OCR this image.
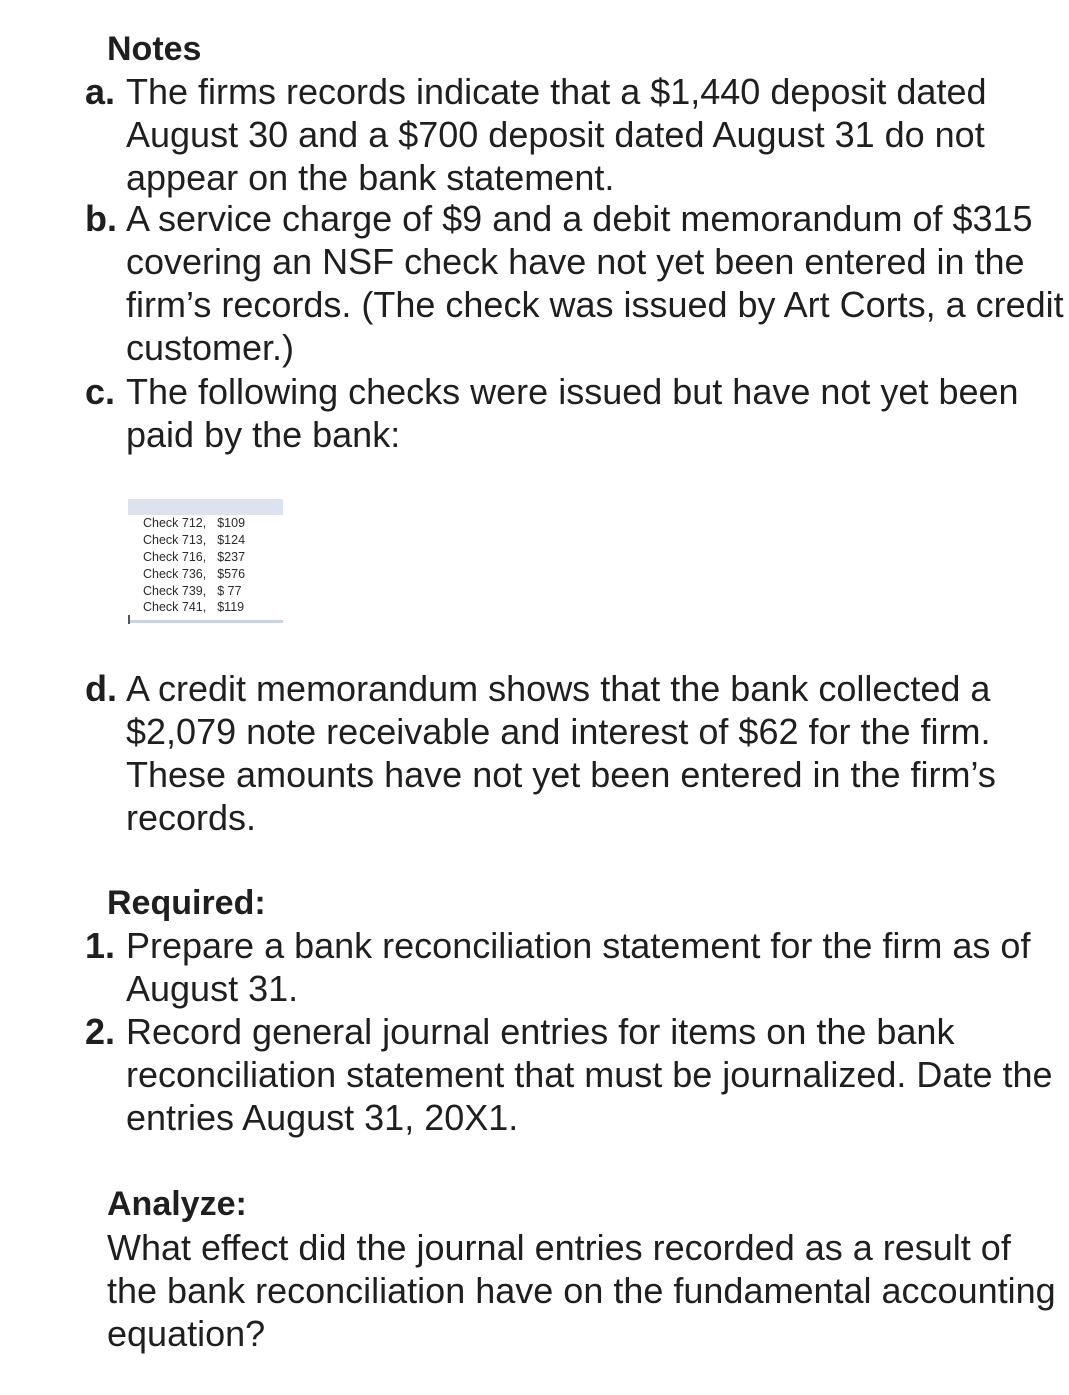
Notes
a. The firms records indicate that a $1,440 deposit dated August 30 and a $700 deposit dated August 31 do not appear on the bank statement.
b. A service charge of $9 and a debit memorandum of $315 covering an NSF check have not yet been entered in the firm’s records. (The check was issued by Art Corts, a credit customer.)
c. The following checks were issued but have not yet been paid by the bank:
Check 712,	$109
Check 713,	$124
Check 716,	$237
Check 736,	$576
Check 739,	$ 77
Check 741,	$119
d. A credit memorandum shows that the bank collected a $2,079 note receivable and interest of $62 for the firm. These amounts have not yet been entered in the firm’s records.
Required:
1. Prepare a bank reconciliation statement for the firm as of August 31.
2. Record general journal entries for items on the bank reconciliation statement that must be journalized. Date the entries August 31, 20X1.
Analyze:
What effect did the journal entries recorded as a result of the bank reconciliation have on the fundamental accounting equation?
